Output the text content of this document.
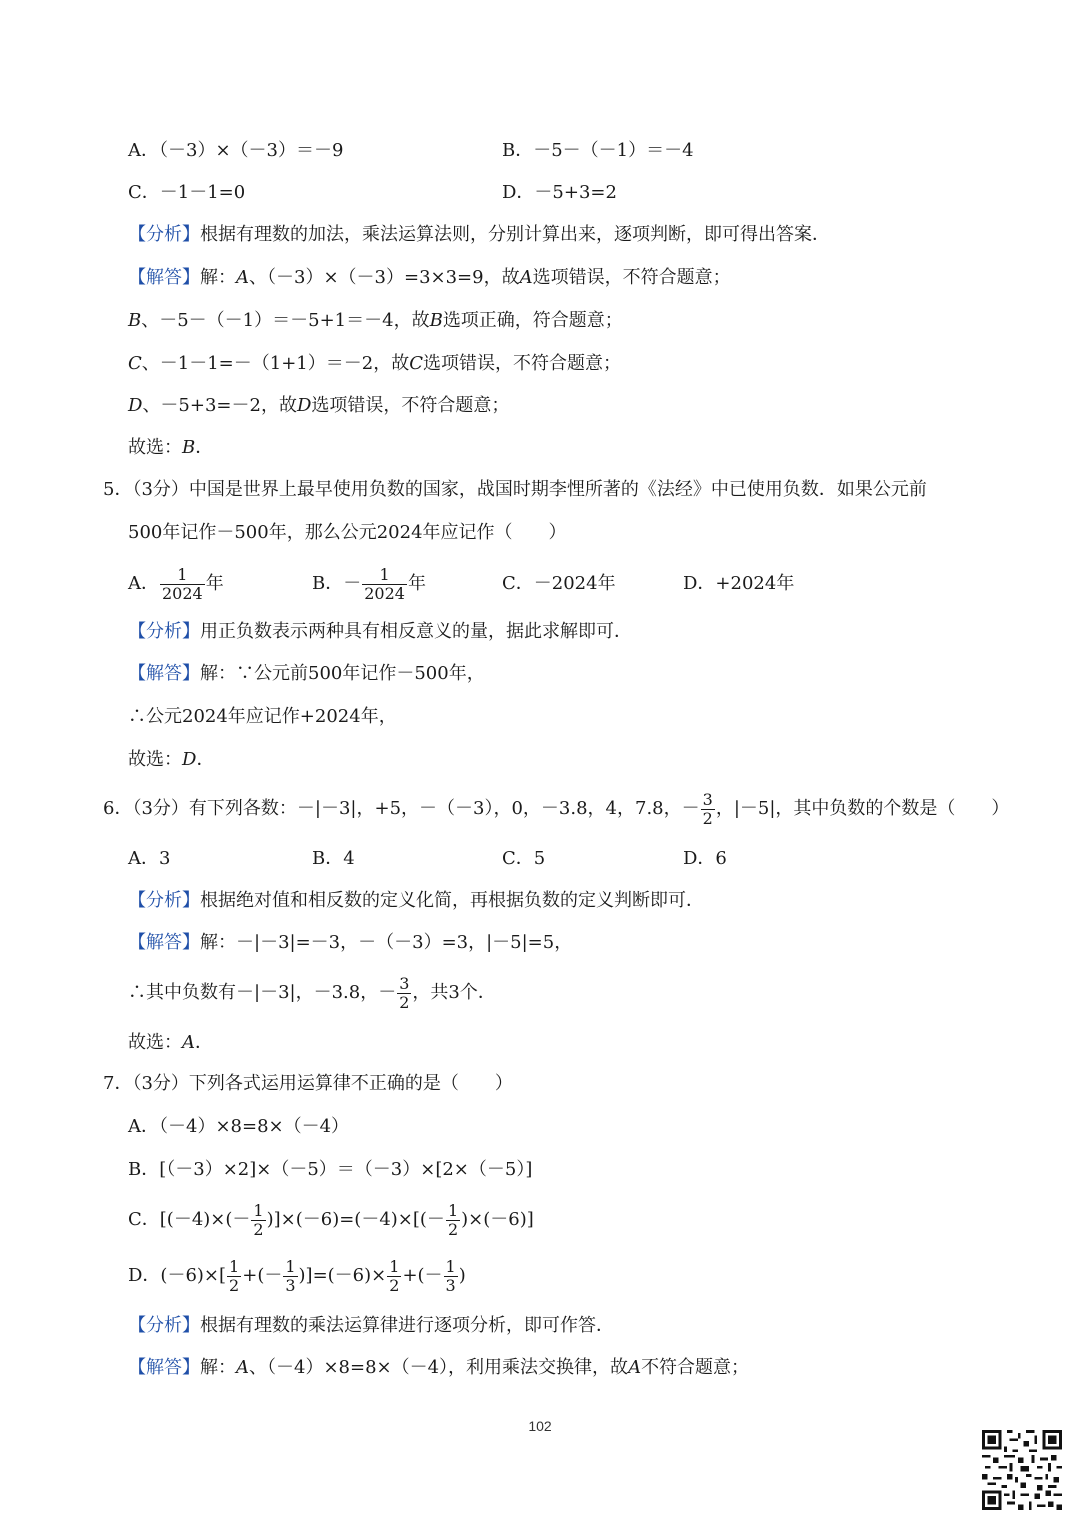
A．（－3）×（－3）＝－9	B．－5－（－1）＝－4
C．－1－1=0	D．－5+3=2
【分析】根据有理数的加法，乘法运算法则，分别计算出来，逐项判断，即可得出答案．
【解答】解：A、（－3）×（－3）=3×3=9，故A选项错误，不符合题意；
B、－5－（－1）＝－5+1＝－4，故B选项正确，符合题意；
C、－1－1=－（1+1）＝－2，故C选项错误，不符合题意；
D、－5+3=－2，故D选项错误，不符合题意；
故选：B．
5．（3分）中国是世界上最早使用负数的国家，战国时期李悝所著的《法经》中已使用负数．如果公元前
500年记作－500年，那么公元2024年应记作（　　）
A． $\frac{1}{2024}$ 年	B．－ $\frac{1}{2024}$ 年	C．－2024年	D．+2024年
【分析】用正负数表示两种具有相反意义的量，据此求解即可．
【解答】解：∵公元前500年记作－500年，
∴公元2024年应记作+2024年，
故选：D．
6．（3分）有下列各数：－|－3|，+5，－（－3），0，－3.8，4，7.8，－ $\frac{3}{2}$ ，|－5|，其中负数的个数是（　　）
A．3	B．4	C．5	D．6
【分析】根据绝对值和相反数的定义化简，再根据负数的定义判断即可．
【解答】解：－|－3|=－3，－（－3）=3，|－5|=5，
∴其中负数有－|－3|，－3.8，－ $\frac{3}{2}$ ，共3个．
故选：A．
7．（3分）下列各式运用运算律不正确的是（　　）
A．（－4）×8=8×（－4）
B．[（－3）×2]×（－5）＝（－3）×[2×（－5）]
C．$[(-4)\times(- \frac{1}{2} )]\times(-6)=(-4)\times[(- \frac{1}{2} )\times(-6)]$
D．$(-6)\times[ \frac{1}{2}$ +(－ $\frac{1}{3} )]=(-6)\times \frac{1}{2}$ +(－ $\frac{1}{3}$ )
【分析】根据有理数的乘法运算律进行逐项分析，即可作答．
【解答】解：A、（－4）×8=8×（－4），利用乘法交换律，故A不符合题意；
102
